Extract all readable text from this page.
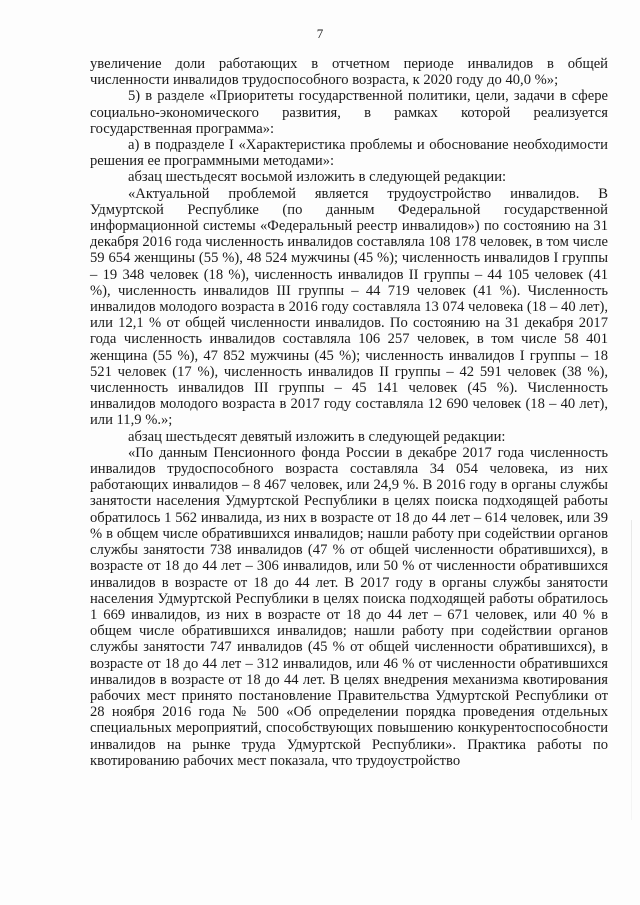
7

увеличение доли работающих в отчетном периоде инвалидов в общей численности инвалидов трудоспособного возраста, к 2020 году до 40,0 %»;

5) в разделе «Приоритеты государственной политики, цели, задачи в сфере социально-экономического развития, в рамках которой реализуется государственная программа»:

а) в подразделе I «Характеристика проблемы и обоснование необходимости решения ее программными методами»:

абзац шестьдесят восьмой изложить в следующей редакции:

«Актуальной проблемой является трудоустройство инвалидов. В Удмуртской Республике (по данным Федеральной государственной информационной системы «Федеральный реестр инвалидов») по состоянию на 31 декабря 2016 года численность инвалидов составляла 108 178 человек, в том числе 59 654 женщины (55 %), 48 524 мужчины (45 %); численность инвалидов I группы – 19 348 человек (18 %), численность инвалидов II группы – 44 105 человек (41 %), численность инвалидов III группы – 44 719 человек (41 %). Численность инвалидов молодого возраста в 2016 году составляла 13 074 человека (18 – 40 лет), или 12,1 % от общей численности инвалидов. По состоянию на 31 декабря 2017 года численность инвалидов составляла 106 257 человек, в том числе 58 401 женщина (55 %), 47 852 мужчины (45 %); численность инвалидов I группы – 18 521 человек (17 %), численность инвалидов II группы – 42 591 человек (38 %), численность инвалидов III группы – 45 141 человек (45 %). Численность инвалидов молодого возраста в 2017 году составляла 12 690 человек (18 – 40 лет), или 11,9 %.»;

абзац шестьдесят девятый изложить в следующей редакции:

«По данным Пенсионного фонда России в декабре 2017 года численность инвалидов трудоспособного возраста составляла 34 054 человека, из них работающих инвалидов – 8 467 человек, или 24,9 %. В 2016 году в органы службы занятости населения Удмуртской Республики в целях поиска подходящей работы обратилось 1 562 инвалида, из них в возрасте от 18 до 44 лет – 614 человек, или 39 % в общем числе обратившихся инвалидов; нашли работу при содействии органов службы занятости 738 инвалидов (47 % от общей численности обратившихся), в возрасте от 18 до 44 лет – 306 инвалидов, или 50 % от численности обратившихся инвалидов в возрасте от 18 до 44 лет. В 2017 году в органы службы занятости населения Удмуртской Республики в целях поиска подходящей работы обратилось 1 669 инвалидов, из них в возрасте от 18 до 44 лет – 671 человек, или 40 % в общем числе обратившихся инвалидов; нашли работу при содействии органов службы занятости 747 инвалидов (45 % от общей численности обратившихся), в возрасте от 18 до 44 лет – 312 инвалидов, или 46 % от численности обратившихся инвалидов в возрасте от 18 до 44 лет. В целях внедрения механизма квотирования рабочих мест принято постановление Правительства Удмуртской Республики от 28 ноября 2016 года № 500 «Об определении порядка проведения отдельных специальных мероприятий, способствующих повышению конкурентоспособности инвалидов на рынке труда Удмуртской Республики». Практика работы по квотированию рабочих мест показала, что трудоустройство
